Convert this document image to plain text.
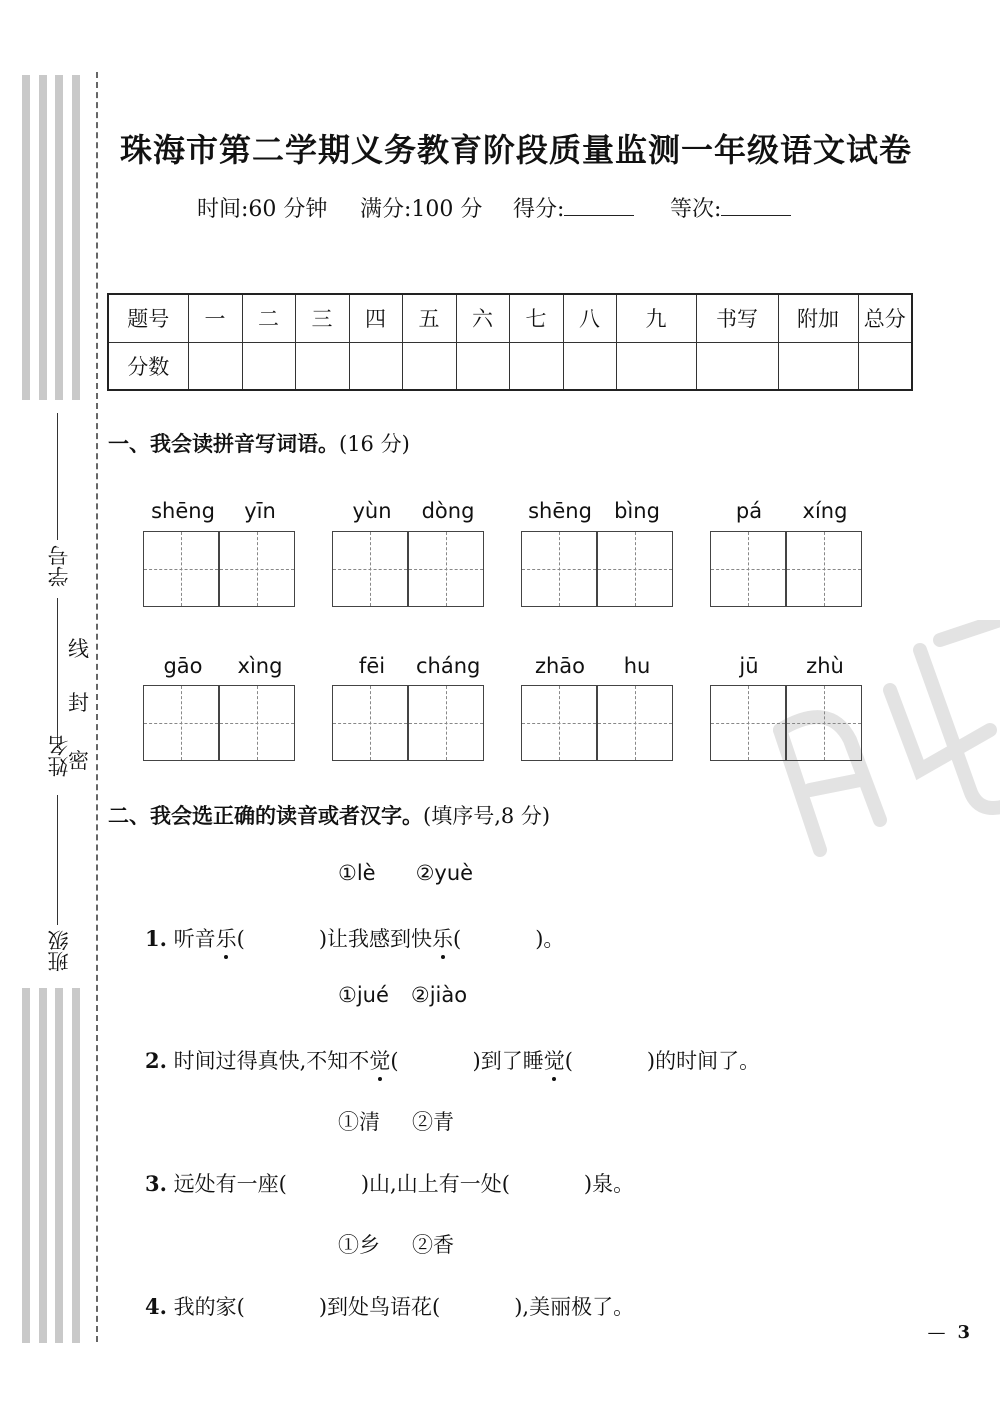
学号
姓名
班级
线
封
密
珠海市第二学期义务教育阶段质量监测一年级语文试卷
时间:60 分钟 满分:100 分 得分:	等次:
题号	一	二	三	四	五	六	七	八	九	书写	附加	总分
分数												
一、我会读拼音写词语。(16 分)
shēng	yīn	yùn	dòng	shēng	bìng	pá	xíng
gāo	xìng	fēi	cháng	zhāo	hu	jū	zhù
二、我会选正确的读音或者汉字。(填序号,8 分)
①lè ②yuè
1. 听音乐(	)让我感到快乐(	)。
①jué ②jiào
2. 时间过得真快,不知不觉(	)到了睡觉(	)的时间了。
①清 ②青
3. 远处有一座(	)山,山上有一处(	)泉。
①乡 ②香
4. 我的家(	)到处鸟语花(	),美丽极了。
— 3
